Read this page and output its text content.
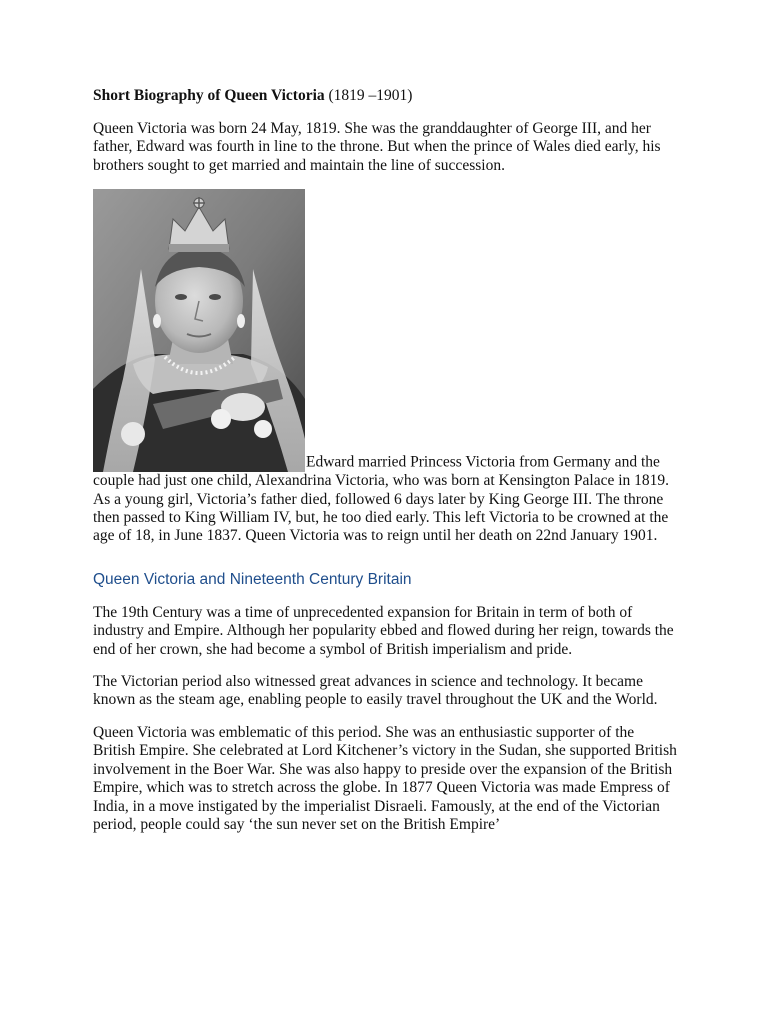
Short Biography of Queen Victoria (1819 –1901)

Queen Victoria was born 24 May, 1819. She was the granddaughter of George III, and her father, Edward was fourth in line to the throne. But when the prince of Wales died early, his brothers sought to get married and maintain the line of succession.

Edward married Princess Victoria from Germany and the couple had just one child, Alexandrina Victoria, who was born at Kensington Palace in 1819. As a young girl, Victoria’s father died, followed 6 days later by King George III. The throne then passed to King William IV, but, he too died early. This left Victoria to be crowned at the age of 18, in June 1837. Queen Victoria was to reign until her death on 22nd January 1901.
Queen Victoria and Nineteenth Century Britain

The 19th Century was a time of unprecedented expansion for Britain in term of both of industry and Empire. Although her popularity ebbed and flowed during her reign, towards the end of her crown, she had become a symbol of British imperialism and pride.

The Victorian period also witnessed great advances in science and technology. It became known as the steam age, enabling people to easily travel throughout the UK and the World.

Queen Victoria was emblematic of this period. She was an enthusiastic supporter of the British Empire. She celebrated at Lord Kitchener’s victory in the Sudan, she supported British involvement in the Boer War. She was also happy to preside over the expansion of the British Empire, which was to stretch across the globe. In 1877 Queen Victoria was made Empress of India, in a move instigated by the imperialist Disraeli. Famously, at the end of the Victorian period, people could say ‘the sun never set on the British Empire’
